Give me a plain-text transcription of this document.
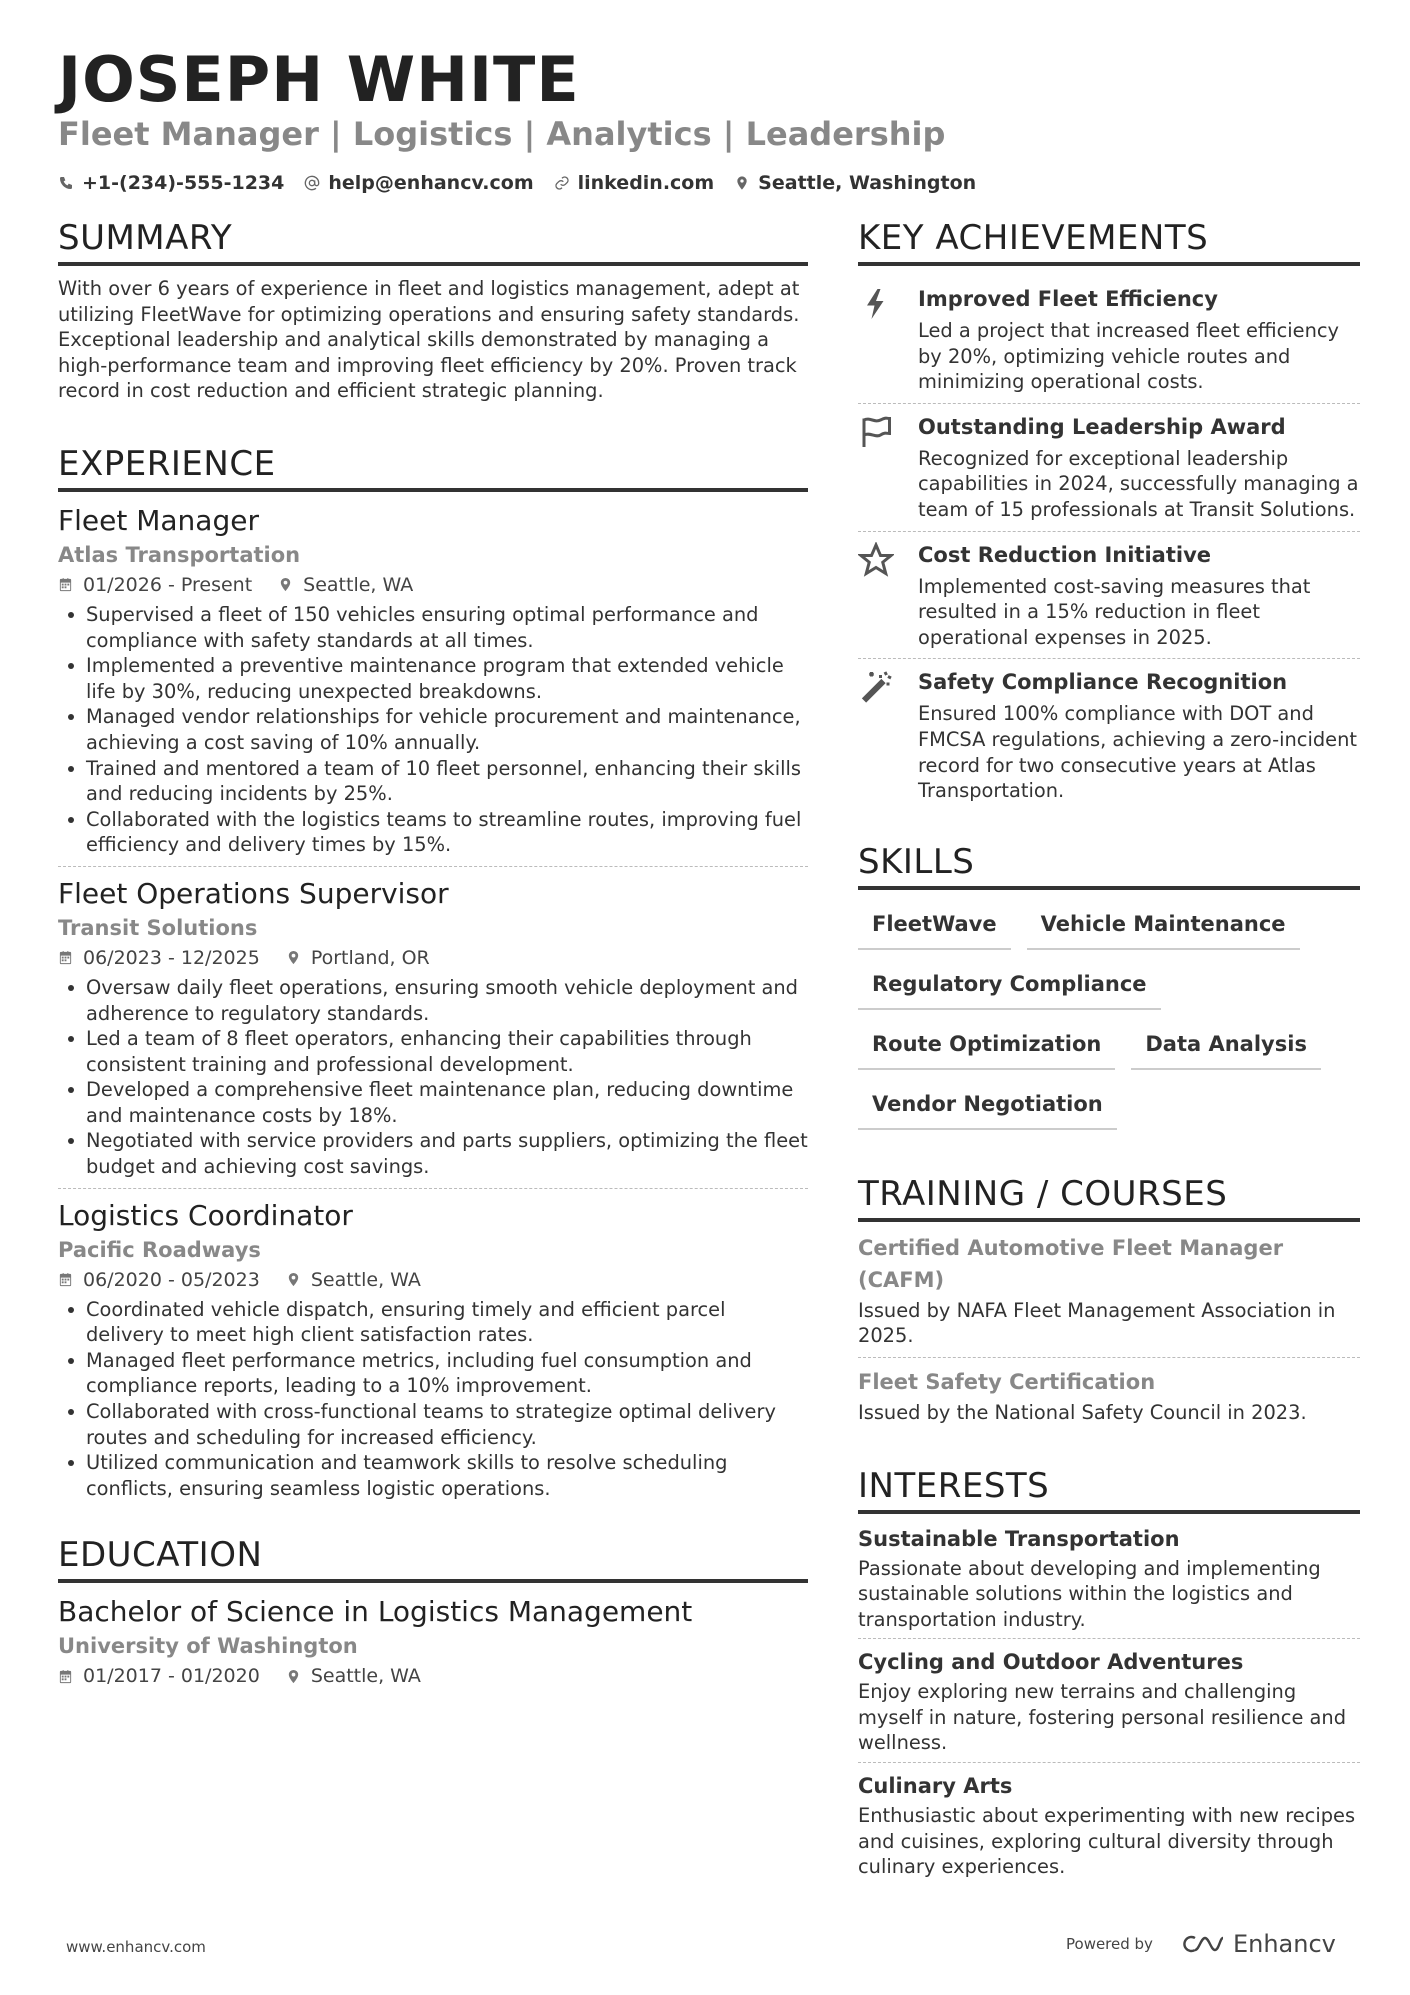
JOSEPH WHITE
Fleet Manager | Logistics | Analytics | Leadership
+1-(234)-555-1234 help@enhancv.com linkedin.com Seattle, Washington
SUMMARY
With over 6 years of experience in fleet and logistics management, adept at utilizing FleetWave for optimizing operations and ensuring safety standards. Exceptional leadership and analytical skills demonstrated by managing a high-performance team and improving fleet efficiency by 20%. Proven track record in cost reduction and efficient strategic planning.
EXPERIENCE
Fleet Manager
Atlas Transportation
01/2026 - Present	Seattle, WA
Supervised a fleet of 150 vehicles ensuring optimal performance and compliance with safety standards at all times.
Implemented a preventive maintenance program that extended vehicle life by 30%, reducing unexpected breakdowns.
Managed vendor relationships for vehicle procurement and maintenance, achieving a cost saving of 10% annually.
Trained and mentored a team of 10 fleet personnel, enhancing their skills and reducing incidents by 25%.
Collaborated with the logistics teams to streamline routes, improving fuel efficiency and delivery times by 15%.
Fleet Operations Supervisor
Transit Solutions
06/2023 - 12/2025	Portland, OR
Oversaw daily fleet operations, ensuring smooth vehicle deployment and adherence to regulatory standards.
Led a team of 8 fleet operators, enhancing their capabilities through consistent training and professional development.
Developed a comprehensive fleet maintenance plan, reducing downtime and maintenance costs by 18%.
Negotiated with service providers and parts suppliers, optimizing the fleet budget and achieving cost savings.
Logistics Coordinator
Pacific Roadways
06/2020 - 05/2023	Seattle, WA
Coordinated vehicle dispatch, ensuring timely and efficient parcel delivery to meet high client satisfaction rates.
Managed fleet performance metrics, including fuel consumption and compliance reports, leading to a 10% improvement.
Collaborated with cross-functional teams to strategize optimal delivery routes and scheduling for increased efficiency.
Utilized communication and teamwork skills to resolve scheduling conflicts, ensuring seamless logistic operations.
EDUCATION
Bachelor of Science in Logistics Management
University of Washington
01/2017 - 01/2020	Seattle, WA
KEY ACHIEVEMENTS
Improved Fleet Efficiency
Led a project that increased fleet efficiency by 20%, optimizing vehicle routes and minimizing operational costs.
Outstanding Leadership Award
Recognized for exceptional leadership capabilities in 2024, successfully managing a team of 15 professionals at Transit Solutions.
Cost Reduction Initiative
Implemented cost-saving measures that resulted in a 15% reduction in fleet operational expenses in 2025.
Safety Compliance Recognition
Ensured 100% compliance with DOT and FMCSA regulations, achieving a zero-incident record for two consecutive years at Atlas Transportation.
SKILLS
FleetWave	Vehicle Maintenance
Regulatory Compliance
Route Optimization	Data Analysis
Vendor Negotiation
TRAINING / COURSES
Certified Automotive Fleet Manager (CAFM)
Issued by NAFA Fleet Management Association in 2025.
Fleet Safety Certification
Issued by the National Safety Council in 2023.
INTERESTS
Sustainable Transportation
Passionate about developing and implementing sustainable solutions within the logistics and transportation industry.
Cycling and Outdoor Adventures
Enjoy exploring new terrains and challenging myself in nature, fostering personal resilience and wellness.
Culinary Arts
Enthusiastic about experimenting with new recipes and cuisines, exploring cultural diversity through culinary experiences.
www.enhancv.com	Powered by	Enhancv
